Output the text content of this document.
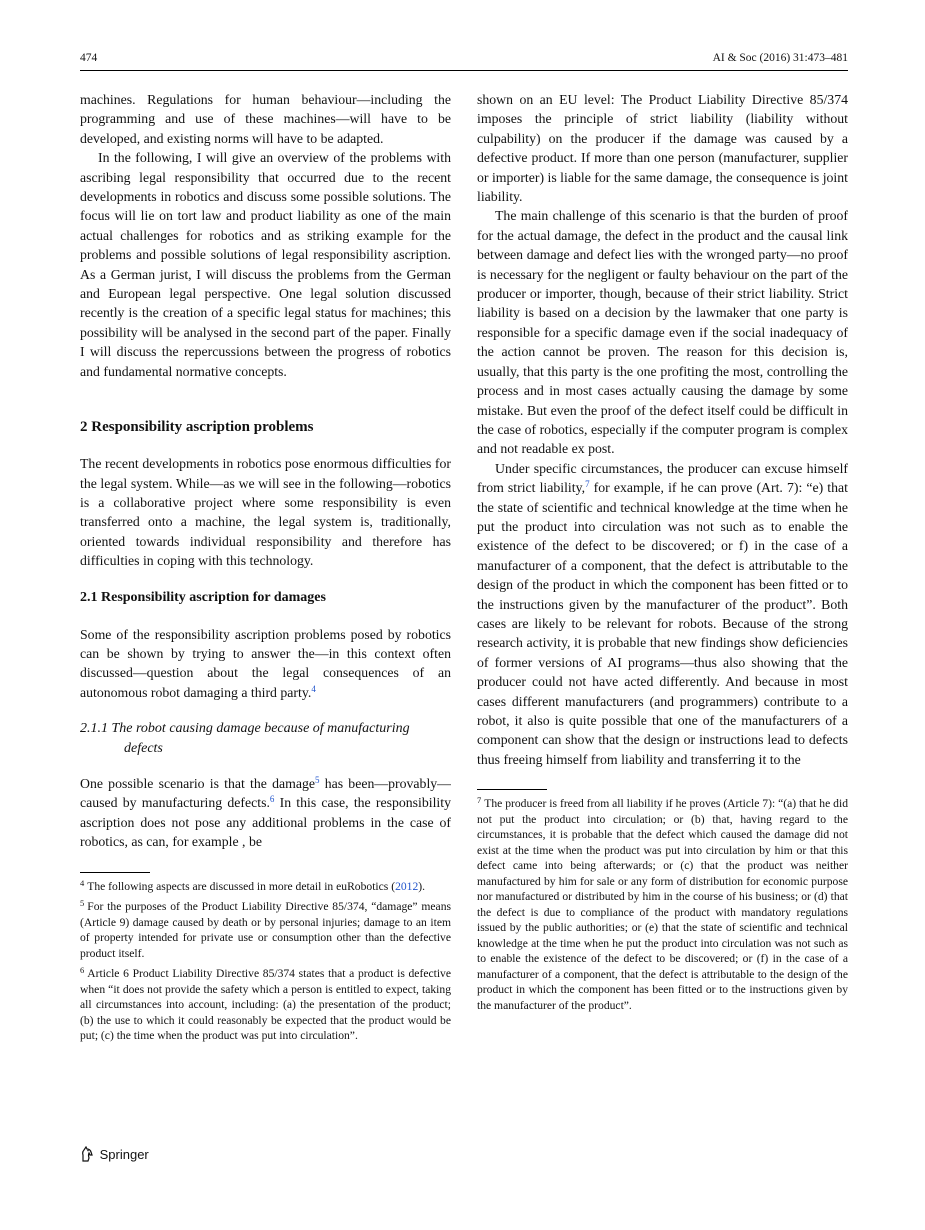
474	AI & Soc (2016) 31:473–481

machines. Regulations for human behaviour—including the programming and use of these machines—will have to be developed, and existing norms will have to be adapted.

In the following, I will give an overview of the problems with ascribing legal responsibility that occurred due to the recent developments in robotics and discuss some possible solutions. The focus will lie on tort law and product liability as one of the main actual challenges for robotics and as striking example for the problems and possible solutions of legal responsibility ascription. As a German jurist, I will discuss the problems from the German and European legal perspective. One legal solution discussed recently is the creation of a specific legal status for machines; this possibility will be analysed in the second part of the paper. Finally I will discuss the repercussions between the progress of robotics and fundamental normative concepts.

2 Responsibility ascription problems

The recent developments in robotics pose enormous difficulties for the legal system. While—as we will see in the following—robotics is a collaborative project where some responsibility is even transferred onto a machine, the legal system is, traditionally, oriented towards individual responsibility and therefore has difficulties in coping with this technology.

2.1 Responsibility ascription for damages

Some of the responsibility ascription problems posed by robotics can be shown by trying to answer the—in this context often discussed—question about the legal consequences of an autonomous robot damaging a third party.$^4$

2.1.1 The robot causing damage because of manufacturing defects

One possible scenario is that the damage$^5$ has been—provably—caused by manufacturing defects.$^6$ In this case, the responsibility ascription does not pose any additional problems in the case of robotics, as can, for example , be

$^4$ The following aspects are discussed in more detail in euRobotics (2012).
$^5$ For the purposes of the Product Liability Directive 85/374, “damage” means (Article 9) damage caused by death or by personal injuries; damage to an item of property intended for private use or consumption other than the defective product itself.
$^6$ Article 6 Product Liability Directive 85/374 states that a product is defective when “it does not provide the safety which a person is entitled to expect, taking all circumstances into account, including: (a) the presentation of the product; (b) the use to which it could reasonably be expected that the product would be put; (c) the time when the product was put into circulation”.

shown on an EU level: The Product Liability Directive 85/374 imposes the principle of strict liability (liability without culpability) on the producer if the damage was caused by a defective product. If more than one person (manufacturer, supplier or importer) is liable for the same damage, the consequence is joint liability.

The main challenge of this scenario is that the burden of proof for the actual damage, the defect in the product and the causal link between damage and defect lies with the wronged party—no proof is necessary for the negligent or faulty behaviour on the part of the producer or importer, though, because of their strict liability. Strict liability is based on a decision by the lawmaker that one party is responsible for a specific damage even if the social inadequacy of the action cannot be proven. The reason for this decision is, usually, that this party is the one profiting the most, controlling the process and in most cases actually causing the damage by some mistake. But even the proof of the defect itself could be difficult in the case of robotics, especially if the computer program is complex and not readable ex post.

Under specific circumstances, the producer can excuse himself from strict liability,$^7$ for example, if he can prove (Art. 7): “e) that the state of scientific and technical knowledge at the time when he put the product into circulation was not such as to enable the existence of the defect to be discovered; or f) in the case of a manufacturer of a component, that the defect is attributable to the design of the product in which the component has been fitted or to the instructions given by the manufacturer of the product”. Both cases are likely to be relevant for robots. Because of the strong research activity, it is probable that new findings show deficiencies of former versions of AI programs—thus also showing that the producer could not have acted differently. And because in most cases different manufacturers (and programmers) contribute to a robot, it also is quite possible that one of the manufacturers of a component can show that the design or instructions lead to defects thus freeing himself from liability and transferring it to the

$^7$ The producer is freed from all liability if he proves (Article 7): “(a) that he did not put the product into circulation; or (b) that, having regard to the circumstances, it is probable that the defect which caused the damage did not exist at the time when the product was put into circulation by him or that this defect came into being afterwards; or (c) that the product was neither manufactured by him for sale or any form of distribution for economic purpose nor manufactured or distributed by him in the course of his business; or (d) that the defect is due to compliance of the product with mandatory regulations issued by the public authorities; or (e) that the state of scientific and technical knowledge at the time when he put the product into circulation was not such as to enable the existence of the defect to be discovered; or (f) in the case of a manufacturer of a component, that the defect is attributable to the design of the product in which the component has been fitted or to the instructions given by the manufacturer of the product”.
Springer
